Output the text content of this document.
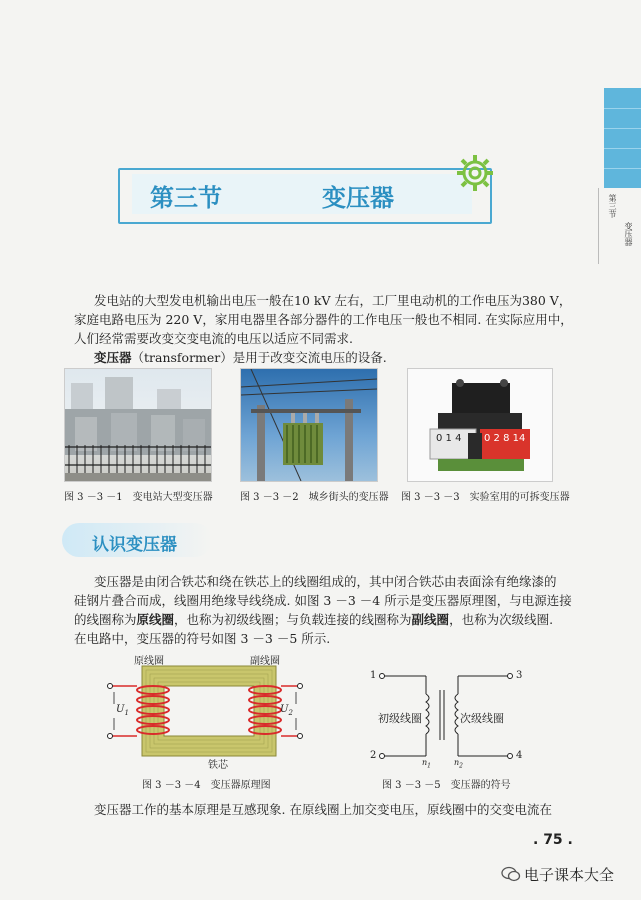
第三节
变压器
第三节	变压器

发电站的大型发电机输出电压一般在10 kV 左右，工厂里电动机的工作电压为380 V，

家庭电路电压为 220 V，家用电器里各部分器件的工作电压一般也不相同. 在实际应用中，

人们经常需要改变交变电流的电压以适应不同需求.

变压器（transformer）是用于改变交流电压的设备.

0 1 4 0 2 8 14
图 3 －3 －1　变电站大型变压器	图 3 －3 －2　城乡街头的变压器 图 3 －3 －3　实验室用的可拆变压器
认识变压器

变压器是由闭合铁芯和绕在铁芯上的线圈组成的，其中闭合铁芯由表面涂有绝缘漆的

硅钢片叠合而成，线圈用绝缘导线绕成. 如图 3 －3 －4 所示是变压器原理图，与电源连接

的线圈称为原线圈，也称为初级线圈；与负载连接的线圈称为副线圈，也称为次级线圈.

在电路中，变压器的符号如图 3 －3 －5 所示.

原线圈	副线圈
$U_1$	$U_2$
铁芯
图 3 －3 －4　变压器原理图
1
2
3
4
初级线圈	次级线圈
$n_1$	$n_2$
图 3 －3 －5　变压器的符号

变压器工作的基本原理是互感现象. 在原线圈上加交变电压，原线圈中的交变电流在

. 75 .
电子课本大全
